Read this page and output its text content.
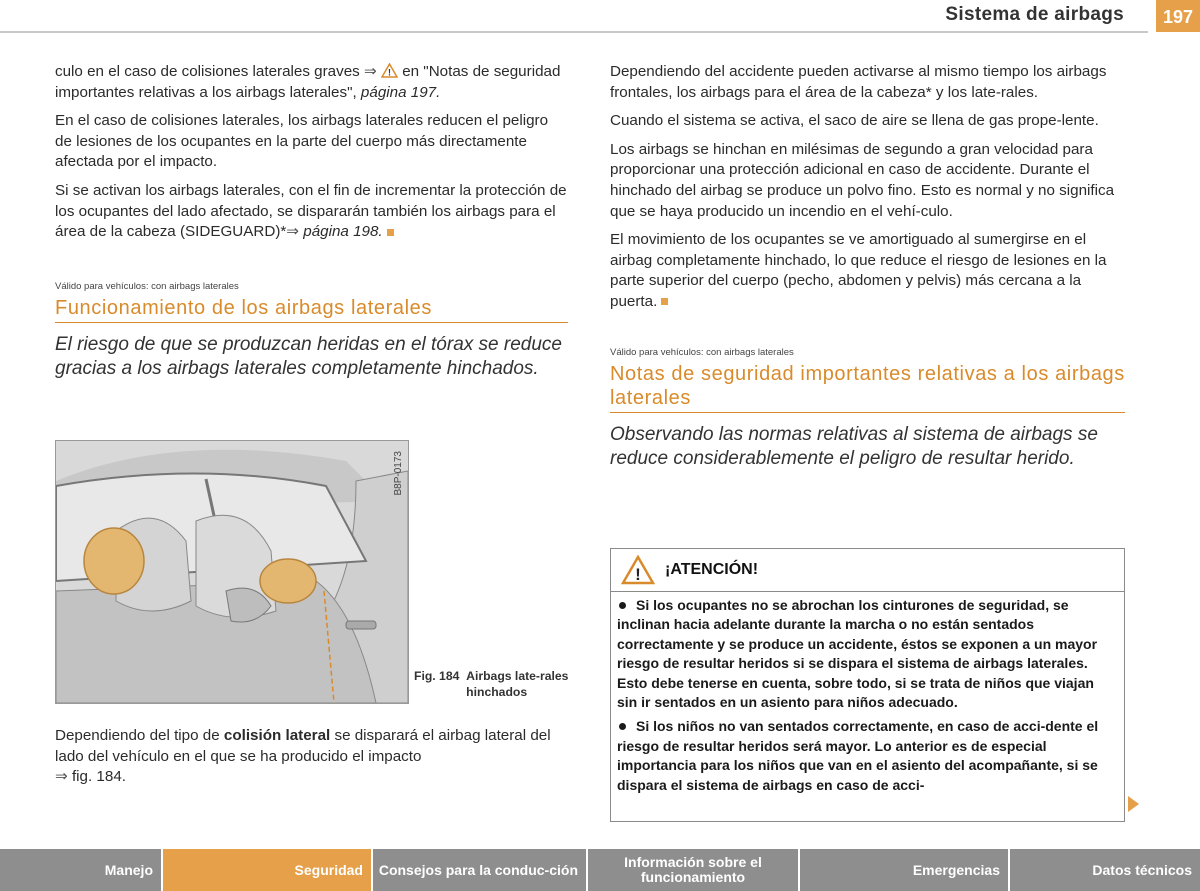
Sistema de airbags	197

culo en el caso de colisiones laterales graves ⇒ ! en "Notas de seguridad importantes relativas a los airbags laterales", página 197.

En el caso de colisiones laterales, los airbags laterales reducen el peligro de lesiones de los ocupantes en la parte del cuerpo más directamente afectada por el impacto.

Si se activan los airbags laterales, con el fin de incrementar la protección de los ocupantes del lado afectado, se dispararán también los airbags para el área de la cabeza (SIDEGUARD)*⇒ página 198.

Válido para vehículos: con airbags laterales

Funcionamiento de los airbags laterales

El riesgo de que se produzcan heridas en el tórax se reduce gracias a los airbags laterales completamente hinchados.

B8P-0173
Fig. 184 Airbags late-rales hinchados

Dependiendo del tipo de colisión lateral se disparará el airbag lateral del lado del vehículo en el que se ha producido el impacto
⇒ fig. 184.

Dependiendo del accidente pueden activarse al mismo tiempo los airbags frontales, los airbags para el área de la cabeza* y los late-rales.

Cuando el sistema se activa, el saco de aire se llena de gas prope-lente.

Los airbags se hinchan en milésimas de segundo a gran velocidad para proporcionar una protección adicional en caso de accidente. Durante el hinchado del airbag se produce un polvo fino. Esto es normal y no significa que se haya producido un incendio en el vehí-culo.

El movimiento de los ocupantes se ve amortiguado al sumergirse en el airbag completamente hinchado, lo que reduce el riesgo de lesiones en la parte superior del cuerpo (pecho, abdomen y pelvis) más cercana a la puerta.

Válido para vehículos: con airbags laterales

Notas de seguridad importantes relativas a los airbags laterales

Observando las normas relativas al sistema de airbags se reduce considerablemente el peligro de resultar herido.

! ¡ATENCIÓN!
Si los ocupantes no se abrochan los cinturones de seguridad, se inclinan hacia adelante durante la marcha o no están sentados correctamente y se produce un accidente, éstos se exponen a un mayor riesgo de resultar heridos si se dispara el sistema de airbags laterales. Esto debe tenerse en cuenta, sobre todo, si se trata de niños que viajan sin ir sentados en un asiento para niños adecuado.
Si los niños no van sentados correctamente, en caso de acci-dente el riesgo de resultar heridos será mayor. Lo anterior es de especial importancia para los niños que van en el asiento del acompañante, si se dispara el sistema de airbags en caso de acci-
Manejo	Seguridad	Consejos para la conduc-ción	Información sobre el funcionamiento	Emergencias	Datos técnicos
